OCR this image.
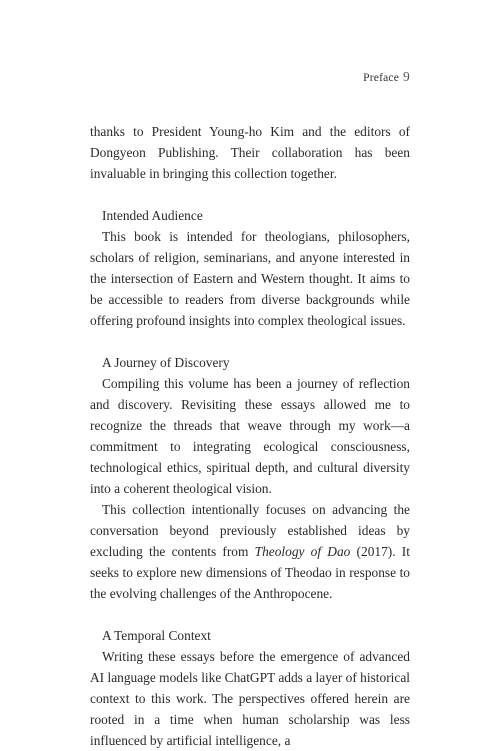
Preface 9

thanks to President Young-ho Kim and the editors of Dongyeon Publishing. Their collaboration has been invaluable in bringing this collection together.

Intended Audience

This book is intended for theologians, philosophers, scholars of religion, seminarians, and anyone interested in the intersection of Eastern and Western thought. It aims to be accessible to readers from diverse backgrounds while offering profound insights into complex theological issues.

A Journey of Discovery

Compiling this volume has been a journey of reflection and discovery. Revisiting these essays allowed me to recognize the threads that weave through my work—a commitment to integrating ecological consciousness, technological ethics, spiritual depth, and cultural diversity into a coherent theological vision.

This collection intentionally focuses on advancing the conversation beyond previously established ideas by excluding the contents from Theology of Dao (2017). It seeks to explore new dimensions of Theodao in response to the evolving challenges of the Anthropocene.

A Temporal Context

Writing these essays before the emergence of advanced AI language models like ChatGPT adds a layer of historical context to this work. The perspectives offered herein are rooted in a time when human scholarship was less influenced by artificial intelligence, a
